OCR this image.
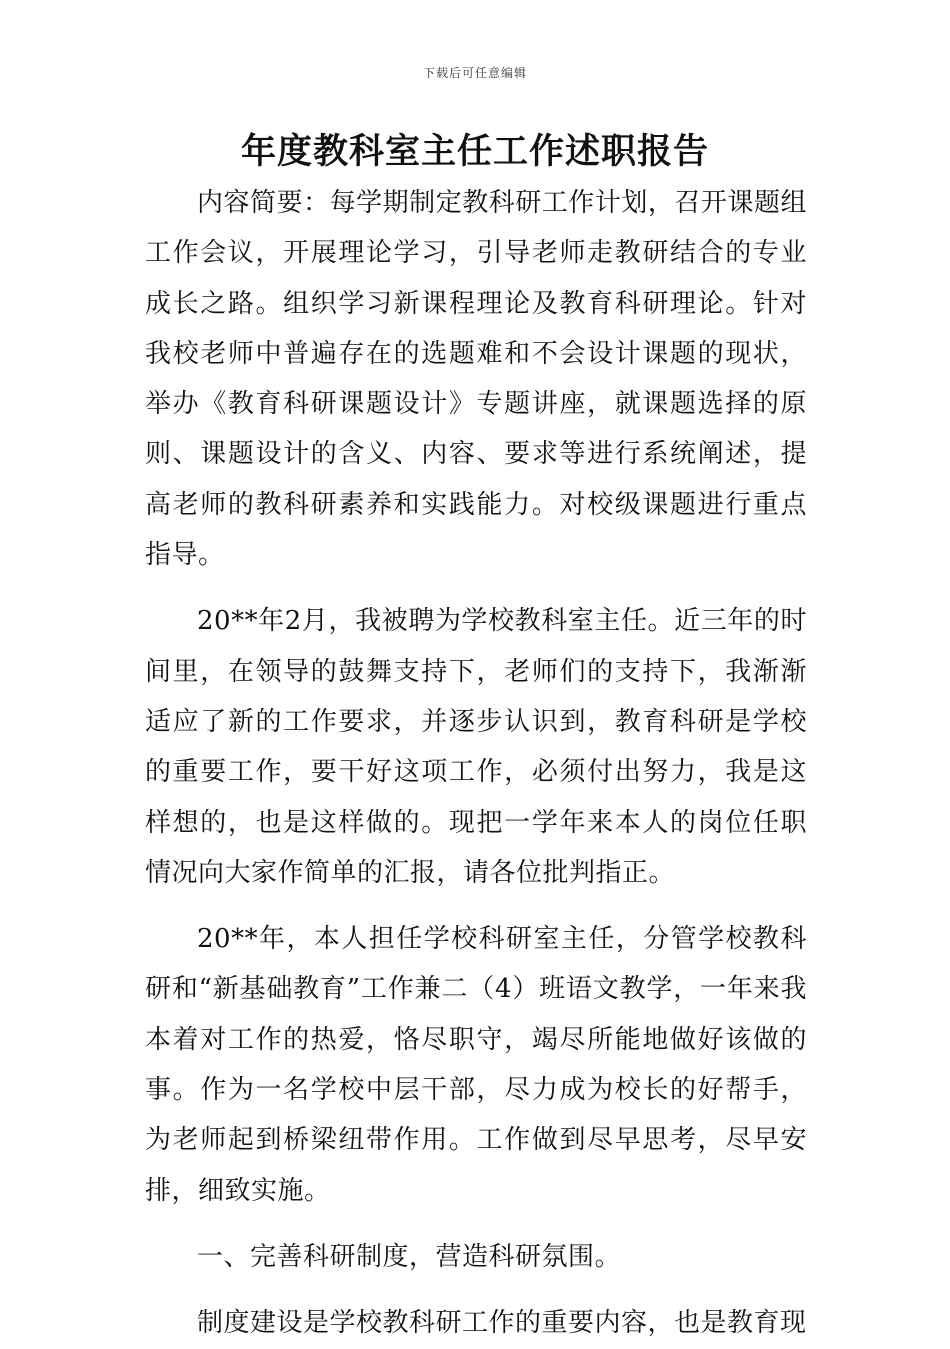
下载后可任意编辑
年度教科室主任工作述职报告

内容简要：每学期制定教科研工作计划，召开课题组工作会议，开展理论学习，引导老师走教研结合的专业成长之路。组织学习新课程理论及教育科研理论。针对我校老师中普遍存在的选题难和不会设计课题的现状，举办《教育科研课题设计》专题讲座，就课题选择的原则、课题设计的含义、内容、要求等进行系统阐述，提高老师的教科研素养和实践能力。对校级课题进行重点指导。

20**年2月，我被聘为学校教科室主任。近三年的时间里，在领导的鼓舞支持下，老师们的支持下，我渐渐适应了新的工作要求，并逐步认识到，教育科研是学校的重要工作，要干好这项工作，必须付出努力，我是这样想的，也是这样做的。现把一学年来本人的岗位任职情况向大家作简单的汇报，请各位批判指正。

20**年，本人担任学校科研室主任，分管学校教科研和“新基础教育”工作兼二（4）班语文教学，一年来我本着对工作的热爱，恪尽职守，竭尽所能地做好该做的事。作为一名学校中层干部，尽力成为校长的好帮手，为老师起到桥梁纽带作用。工作做到尽早思考，尽早安排，细致实施。

一、完善科研制度，营造科研氛围。

制度建设是学校教科研工作的重要内容，也是教育现
